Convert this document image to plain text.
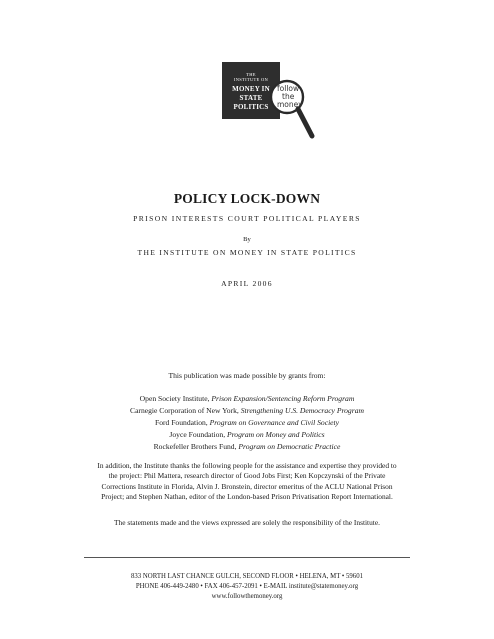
THE
INSTITUTE ON
MONEY IN
STATE
POLITICS
follow
the
money
POLICY LOCK-DOWN
PRISON INTERESTS COURT POLITICAL PLAYERS
By
THE INSTITUTE ON MONEY IN STATE POLITICS
APRIL 2006
This publication was made possible by grants from:
Open Society Institute, Prison Expansion/Sentencing Reform Program
Carnegie Corporation of New York, Strengthening U.S. Democracy Program
Ford Foundation, Program on Governance and Civil Society
Joyce Foundation, Program on Money and Politics
Rockefeller Brothers Fund, Program on Democratic Practice
In addition, the Institute thanks the following people for the assistance and expertise they provided to the project: Phil Mattera, research director of Good Jobs First; Ken Kopczynski of the Private Corrections Institute in Florida, Alvin J. Bronstein, director emeritus of the ACLU National Prison Project; and Stephen Nathan, editor of the London-based Prison Privatisation Report International.
The statements made and the views expressed are solely the responsibility of the Institute.
833 NORTH LAST CHANCE GULCH, SECOND FLOOR • HELENA, MT • 59601
PHONE 406-449-2480 • FAX 406-457-2091 • E-MAIL institute@statemoney.org
www.followthemoney.org
